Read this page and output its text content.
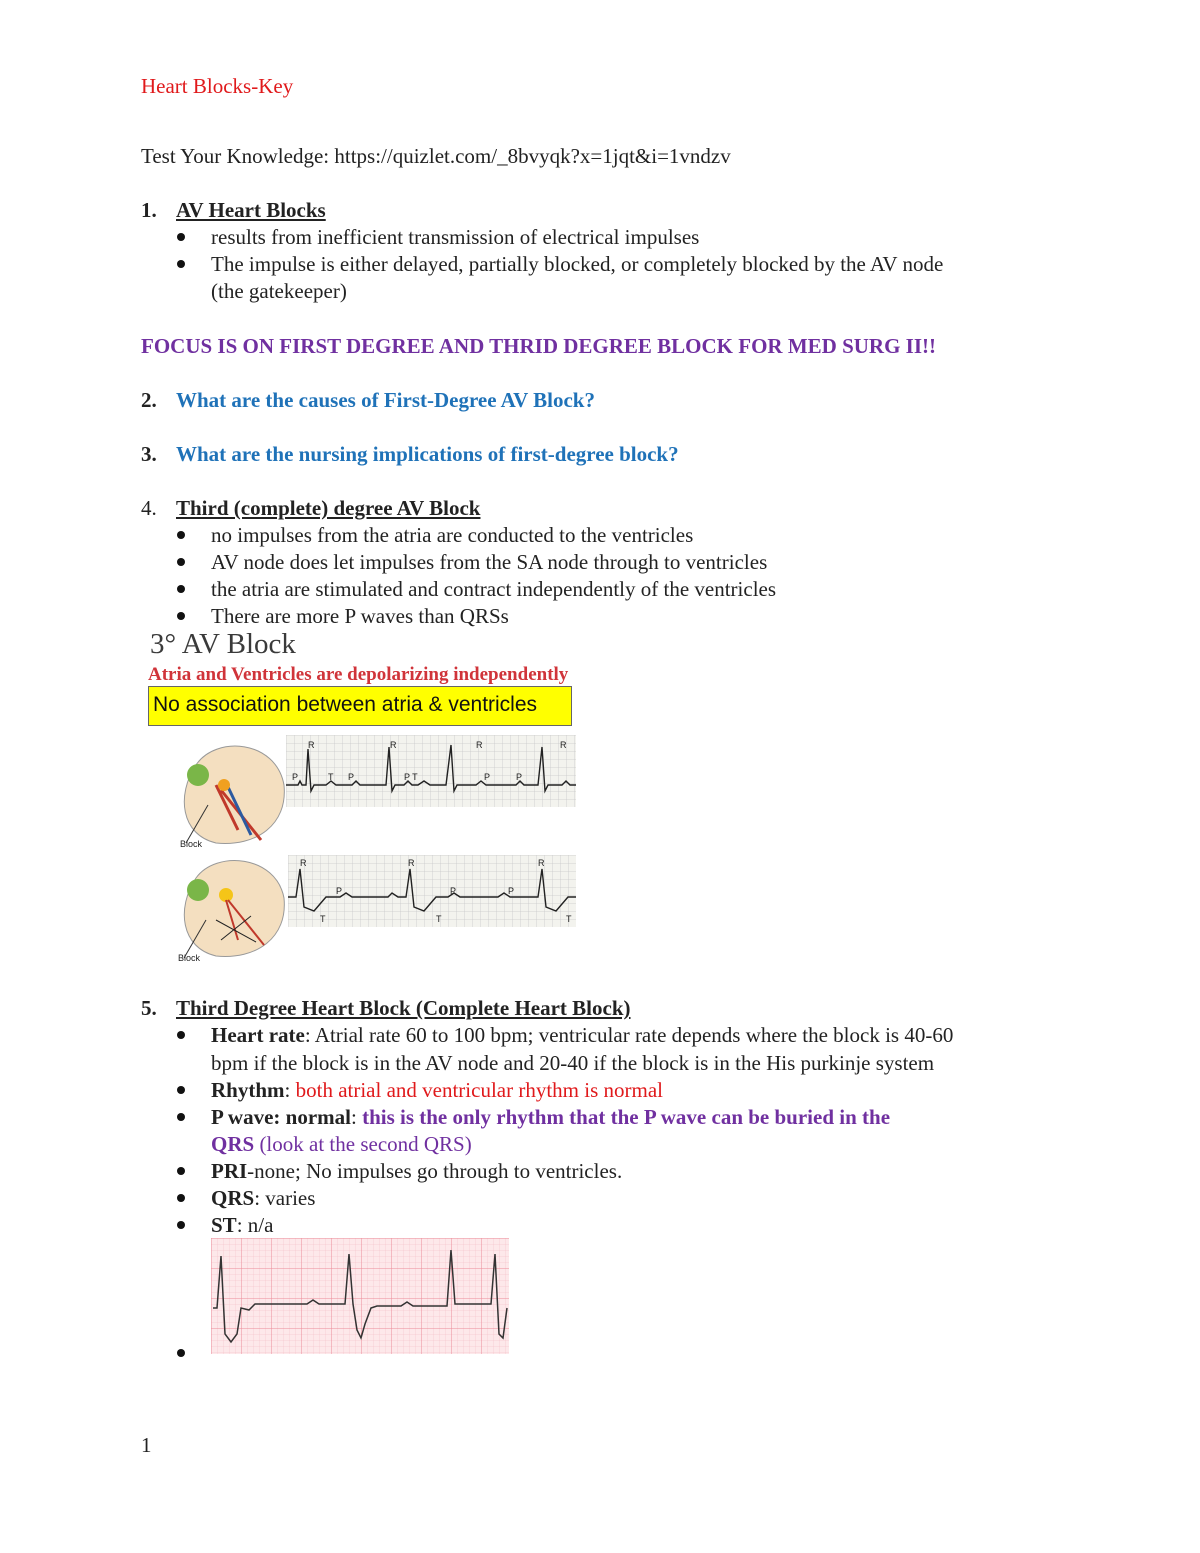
Heart Blocks-Key
Test Your Knowledge: https://quizlet.com/_8bvyqk?x=1jqt&i=1vndzv
1. AV Heart Blocks
results from inefficient transmission of electrical impulses
The impulse is either delayed, partially blocked, or completely blocked by the AV node
(the gatekeeper)
FOCUS IS ON FIRST DEGREE AND THRID DEGREE BLOCK FOR MED SURG II!!
2. What are the causes of First-Degree AV Block?
3. What are the nursing implications of first-degree block?
4. Third (complete) degree AV Block
no impulses from the atria are conducted to the ventricles
AV node does let impulses from the SA node through to ventricles
the atria are stimulated and contract independently of the ventricles
There are more P waves than QRSs
3° AV Block
Atria and Ventricles are depolarizing independently
No association between atria & ventricles
Block
R	R	R	R
P	T P	P T	P	P
Block
R	R	R
P	P	P
T	T	T
5. Third Degree Heart Block (Complete Heart Block)
Heart rate: Atrial rate 60 to 100 bpm; ventricular rate depends where the block is 40-60
bpm if the block is in the AV node and 20-40 if the block is in the His purkinje system
Rhythm: both atrial and ventricular rhythm is normal
P wave: normal: this is the only rhythm that the P wave can be buried in the
QRS (look at the second QRS)
PRI-none; No impulses go through to ventricles.
QRS: varies
ST: n/a
1
